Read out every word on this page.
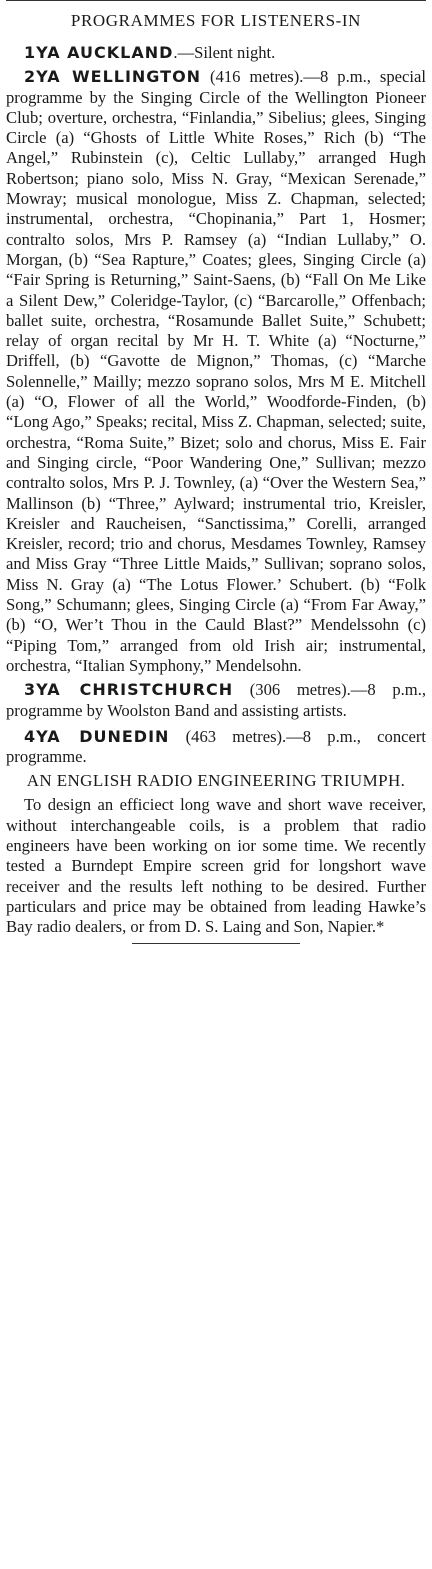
PROGRAMMES FOR LISTENERS-IN

1YA AUCKLAND.—Silent night.

2YA WELLINGTON (416 metres).—8 p.m., special programme by the Singing Circle of the Wellington Pioneer Club; overture, orchestra, “Finlandia,” Sibelius; glees, Singing Circle (a) “Ghosts of Little White Roses,” Rich (b) “The Angel,” Rubinstein (c), Celtic Lullaby,” arranged Hugh Robertson; piano solo, Miss N. Gray, “Mexican Serenade,” Mowray; musical monologue, Miss Z. Chapman, selected; instrumental, orchestra, “Chopinania,” Part 1, Hosmer; contralto solos, Mrs P. Ramsey (a) “Indian Lullaby,” O. Morgan, (b) “Sea Rapture,” Coates; glees, Singing Circle (a) “Fair Spring is Returning,” Saint-Saens, (b) “Fall On Me Like a Silent Dew,” Coleridge-Taylor, (c) “Barcarolle,” Offenbach; ballet suite, orchestra, “Rosamunde Ballet Suite,” Schubett; relay of organ recital by Mr H. T. White (a) “Nocturne,” Driffell, (b) “Gavotte de Mignon,” Thomas, (c) “Marche Solennelle,” Mailly; mezzo soprano solos, Mrs M E. Mitchell (a) “O, Flower of all the World,” Woodforde-Finden, (b) “Long Ago,” Speaks; recital, Miss Z. Chapman, selected; suite, orchestra, “Roma Suite,” Bizet; solo and chorus, Miss E. Fair and Singing circle, “Poor Wandering One,” Sullivan; mezzo contralto solos, Mrs P. J. Townley, (a) “Over the Western Sea,” Mallinson (b) “Three,” Aylward; instrumental trio, Kreisler, Kreisler and Raucheisen, “Sanctissima,” Corelli, arranged Kreisler, record; trio and chorus, Mesdames Townley, Ramsey and Miss Gray “Three Little Maids,” Sullivan; soprano solos, Miss N. Gray (a) “The Lotus Flower.’ Schubert. (b) “Folk Song,” Schumann; glees, Singing Circle (a) “From Far Away,” (b) “O, Wer’t Thou in the Cauld Blast?” Mendelssohn (c) “Piping Tom,” arranged from old Irish air; instrumental, orchestra, “Italian Symphony,” Mendelsohn.

3YA CHRISTCHURCH (306 metres).—8 p.m., programme by Woolston Band and assisting artists.

4YA DUNEDIN (463 metres).—8 p.m., concert programme.

AN ENGLISH RADIO ENGINEERING TRIUMPH.

To design an efficiect long wave and short wave receiver, without interchangeable coils, is a problem that radio engineers have been working on ior some time. We recently tested a Burndept Empire screen grid for longshort wave receiver and the results left nothing to be desired. Further particulars and price may be obtained from leading Hawke’s Bay radio dealers, or from D. S. Laing and Son, Napier.*
